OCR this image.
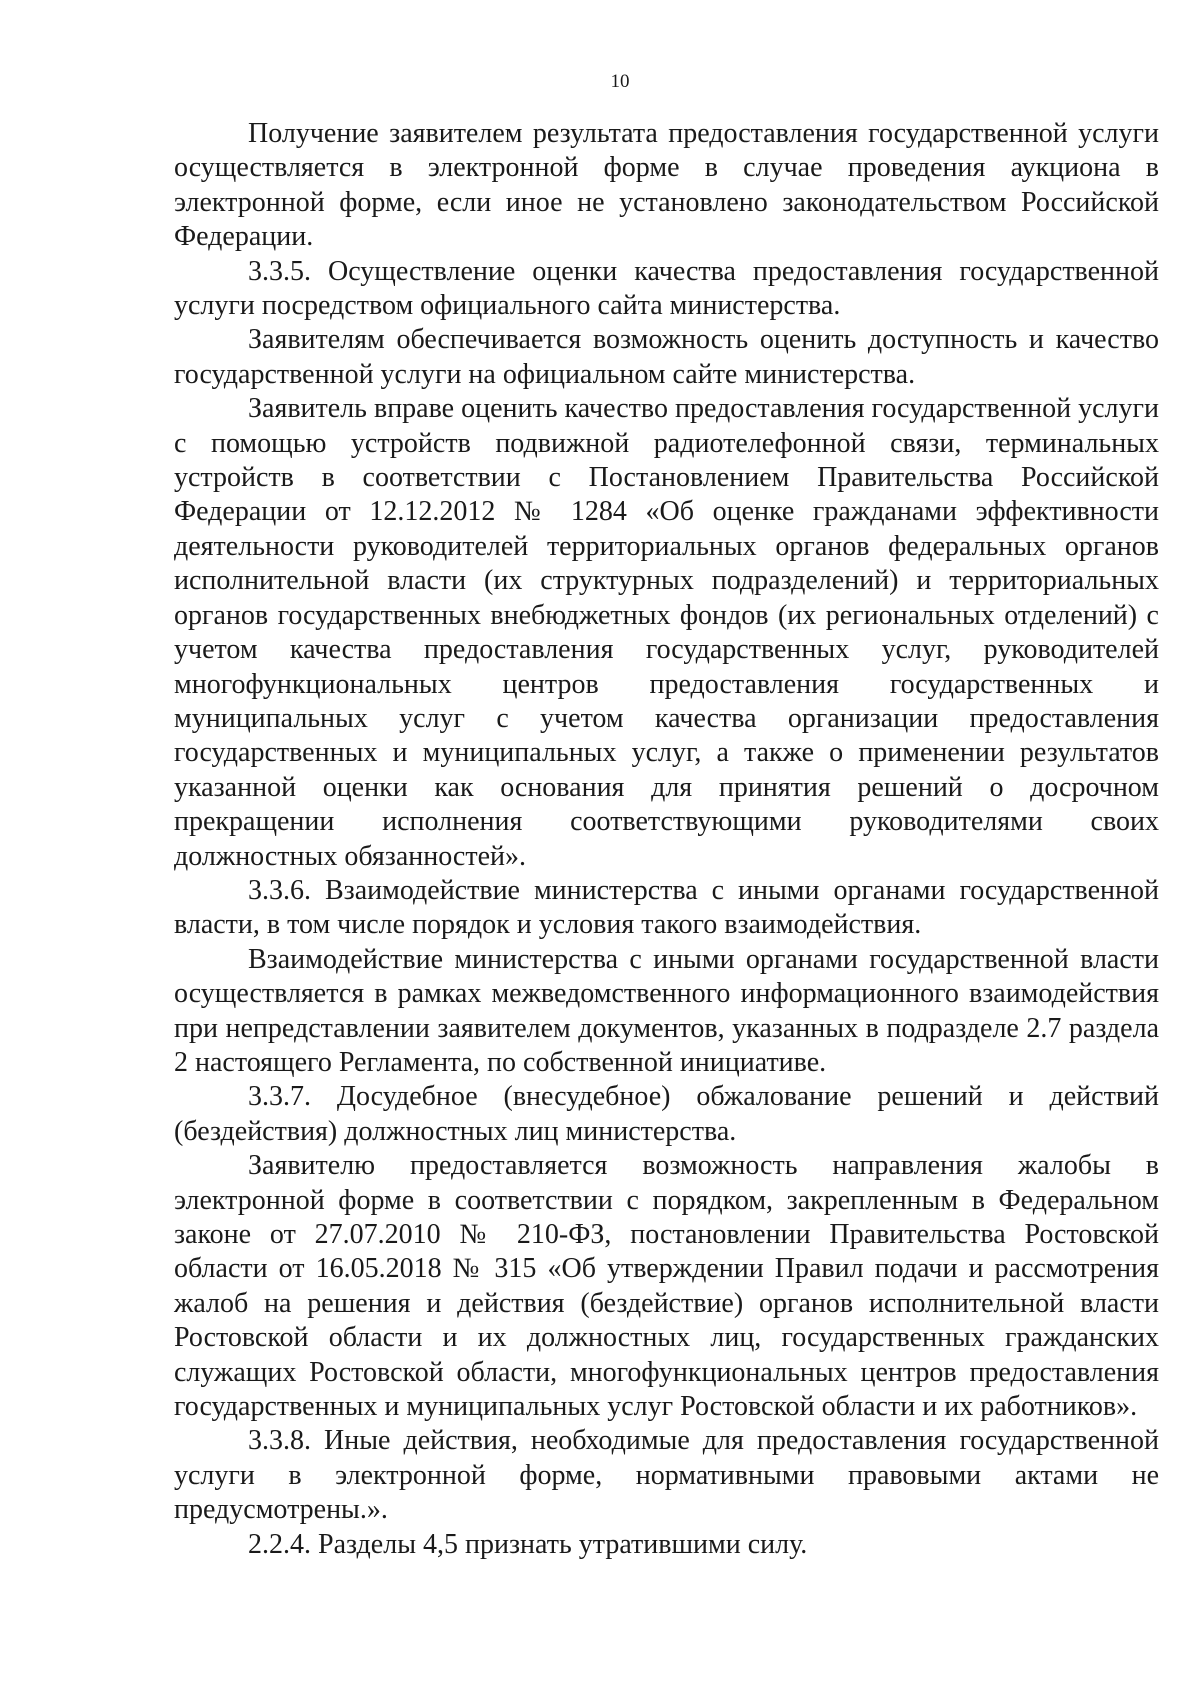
10

Получение заявителем результата предоставления государственной услуги осуществляется в электронной форме в случае проведения аукциона в электронной форме, если иное не установлено законодательством Российской Федерации.

3.3.5. Осуществление оценки качества предоставления государственной услуги посредством официального сайта министерства.

Заявителям обеспечивается возможность оценить доступность и качество государственной услуги на официальном сайте министерства.

Заявитель вправе оценить качество предоставления государственной услуги с помощью устройств подвижной радиотелефонной связи, терминальных устройств в соответствии с Постановлением Правительства Российской Федерации от 12.12.2012 № 1284 «Об оценке гражданами эффективности деятельности руководителей территориальных органов федеральных органов исполнительной власти (их структурных подразделений) и территориальных органов государственных внебюджетных фондов (их региональных отделений) с учетом качества предоставления государственных услуг, руководителей многофункциональных центров предоставления государственных и муниципальных услуг с учетом качества организации предоставления государственных и муниципальных услуг, а также о применении результатов указанной оценки как основания для принятия решений о досрочном прекращении исполнения соответствующими руководителями своих должностных обязанностей».

3.3.6. Взаимодействие министерства с иными органами государственной власти, в том числе порядок и условия такого взаимодействия.

Взаимодействие министерства с иными органами государственной власти осуществляется в рамках межведомственного информационного взаимодействия при непредставлении заявителем документов, указанных в подразделе 2.7 раздела 2 настоящего Регламента, по собственной инициативе.

3.3.7. Досудебное (внесудебное) обжалование решений и действий (бездействия) должностных лиц министерства.

Заявителю предоставляется возможность направления жалобы в электронной форме в соответствии с порядком, закрепленным в Федеральном законе от 27.07.2010 № 210-ФЗ, постановлении Правительства Ростовской области от 16.05.2018 № 315 «Об утверждении Правил подачи и рассмотрения жалоб на решения и действия (бездействие) органов исполнительной власти Ростовской области и их должностных лиц, государственных гражданских служащих Ростовской области, многофункциональных центров предоставления государственных и муниципальных услуг Ростовской области и их работников».

3.3.8. Иные действия, необходимые для предоставления государственной услуги в электронной форме, нормативными правовыми актами не предусмотрены.».

2.2.4. Разделы 4,5 признать утратившими силу.
